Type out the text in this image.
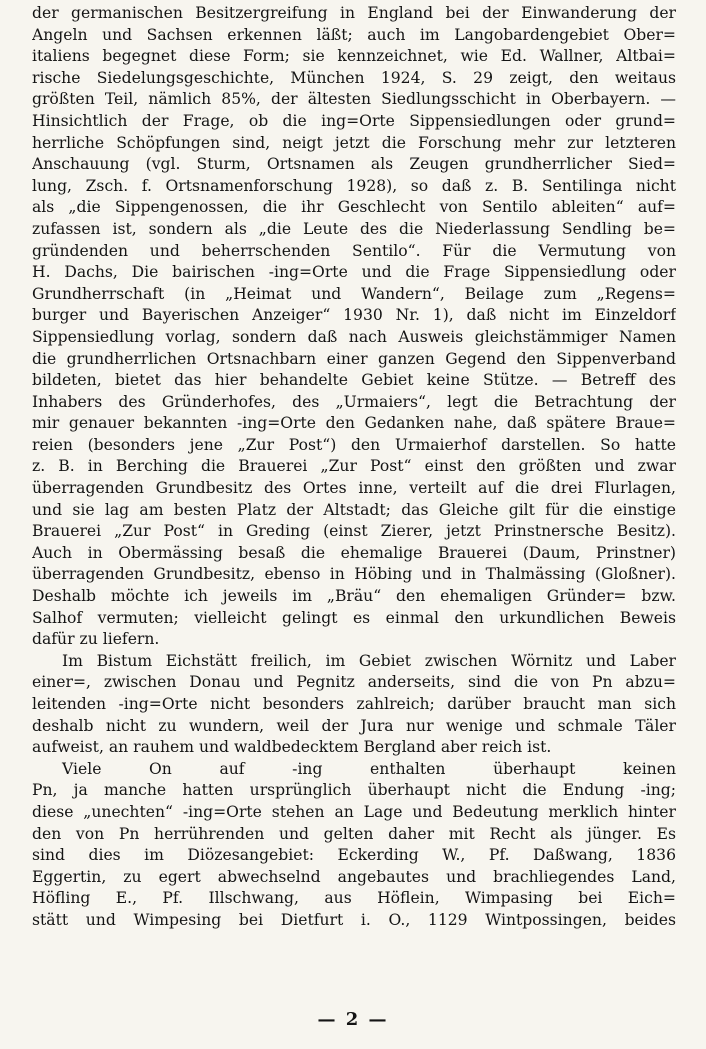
der germanischen Besitzergreifung in England bei der Einwanderung der
Angeln und Sachsen erkennen läßt; auch im Langobardengebiet Ober=
italiens begegnet diese Form; sie kennzeichnet, wie Ed. Wallner, Altbai=
rische Siedelungsgeschichte, München 1924, S. 29 zeigt, den weitaus
größten Teil, nämlich 85%, der ältesten Siedlungsschicht in Oberbayern. —
Hinsichtlich der Frage, ob die ing=Orte Sippensiedlungen oder grund=
herrliche Schöpfungen sind, neigt jetzt die Forschung mehr zur letzteren
Anschauung (vgl. Sturm, Ortsnamen als Zeugen grundherrlicher Sied=
lung, Zsch. f. Ortsnamenforschung 1928), so daß z. B. Sentilinga nicht
als „die Sippengenossen, die ihr Geschlecht von Sentilo ableiten“ auf=
zufassen ist, sondern als „die Leute des die Niederlassung Sendling be=
gründenden und beherrschenden Sentilo“. Für die Vermutung von
H. Dachs, Die bairischen -ing=Orte und die Frage Sippensiedlung oder
Grundherrschaft (in „Heimat und Wandern“, Beilage zum „Regens=
burger und Bayerischen Anzeiger“ 1930 Nr. 1), daß nicht im Einzeldorf
Sippensiedlung vorlag, sondern daß nach Ausweis gleichstämmiger Namen
die grundherrlichen Ortsnachbarn einer ganzen Gegend den Sippenverband
bildeten, bietet das hier behandelte Gebiet keine Stütze. — Betreff des
Inhabers des Gründerhofes, des „Urmaiers“, legt die Betrachtung der
mir genauer bekannten -ing=Orte den Gedanken nahe, daß spätere Braue=
reien (besonders jene „Zur Post“) den Urmaierhof darstellen. So hatte
z. B. in Berching die Brauerei „Zur Post“ einst den größten und zwar
überragenden Grundbesitz des Ortes inne, verteilt auf die drei Flurlagen,
und sie lag am besten Platz der Altstadt; das Gleiche gilt für die einstige
Brauerei „Zur Post“ in Greding (einst Zierer, jetzt Prinstnersche Besitz).
Auch in Obermässing besaß die ehemalige Brauerei (Daum, Prinstner)
überragenden Grundbesitz, ebenso in Höbing und in Thalmässing (Gloßner).
Deshalb möchte ich jeweils im „Bräu“ den ehemaligen Gründer= bzw.
Salhof vermuten; vielleicht gelingt es einmal den urkundlichen Beweis
dafür zu liefern.
Im Bistum Eichstätt freilich, im Gebiet zwischen Wörnitz und Laber
einer=, zwischen Donau und Pegnitz anderseits, sind die von Pn abzu=
leitenden -ing=Orte nicht besonders zahlreich; darüber braucht man sich
deshalb nicht zu wundern, weil der Jura nur wenige und schmale Täler
aufweist, an rauhem und waldbedecktem Bergland aber reich ist.
Viele On auf -ing enthalten überhaupt keinen
Pn, ja manche hatten ursprünglich überhaupt nicht die Endung -ing;
diese „unechten“ -ing=Orte stehen an Lage und Bedeutung merklich hinter
den von Pn herrührenden und gelten daher mit Recht als jünger. Es
sind dies im Diözesangebiet: Eckerding W., Pf. Daßwang, 1836
Eggertin, zu egert abwechselnd angebautes und brachliegendes Land,
Höfling E., Pf. Illschwang, aus Höflein, Wimpasing bei Eich=
stätt und Wimpesing bei Dietfurt i. O., 1129 Wintpossingen, beides
— 2 —
